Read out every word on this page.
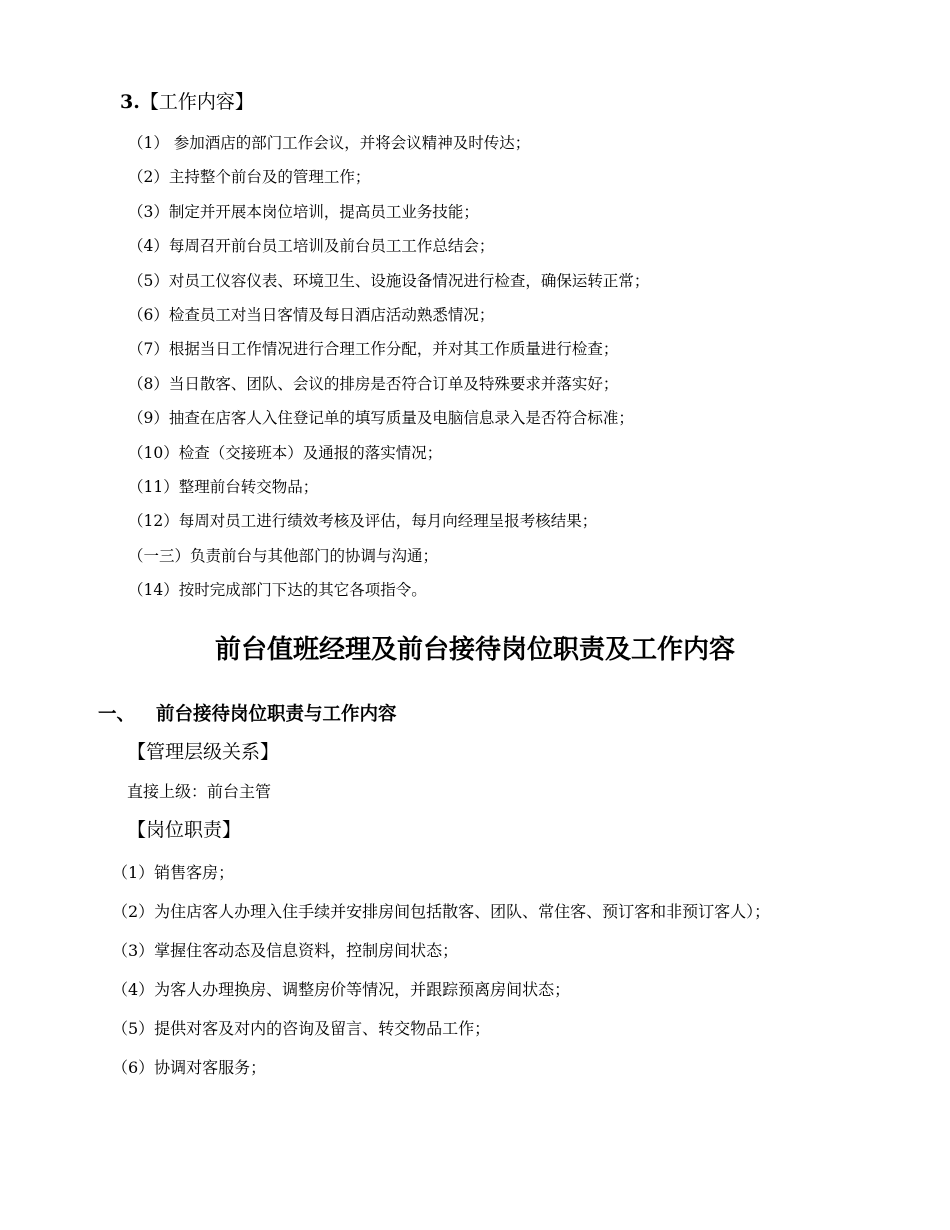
3.【工作内容】
（1） 参加酒店的部门工作会议，并将会议精神及时传达；
（2）主持整个前台及的管理工作；
（3）制定并开展本岗位培训，提高员工业务技能；
（4）每周召开前台员工培训及前台员工工作总结会；
（5）对员工仪容仪表、环境卫生、设施设备情况进行检查，确保运转正常；
（6）检查员工对当日客情及每日酒店活动熟悉情况；
（7）根据当日工作情况进行合理工作分配，并对其工作质量进行检查；
（8）当日散客、团队、会议的排房是否符合订单及特殊要求并落实好；
（9）抽查在店客人入住登记单的填写质量及电脑信息录入是否符合标准；
（10）检查（交接班本）及通报的落实情况；
（11）整理前台转交物品；
（12）每周对员工进行绩效考核及评估，每月向经理呈报考核结果；
（一三）负责前台与其他部门的协调与沟通；
（14）按时完成部门下达的其它各项指令。
前台值班经理及前台接待岗位职责及工作内容
一、 前台接待岗位职责与工作内容
【管理层级关系】
直接上级：前台主管
【岗位职责】
（1）销售客房；
（2）为住店客人办理入住手续并安排房间包括散客、团队、常住客、预订客和非预订客人）；
（3）掌握住客动态及信息资料，控制房间状态；
（4）为客人办理换房、调整房价等情况，并跟踪预离房间状态；
（5）提供对客及对内的咨询及留言、转交物品工作；
（6）协调对客服务；
